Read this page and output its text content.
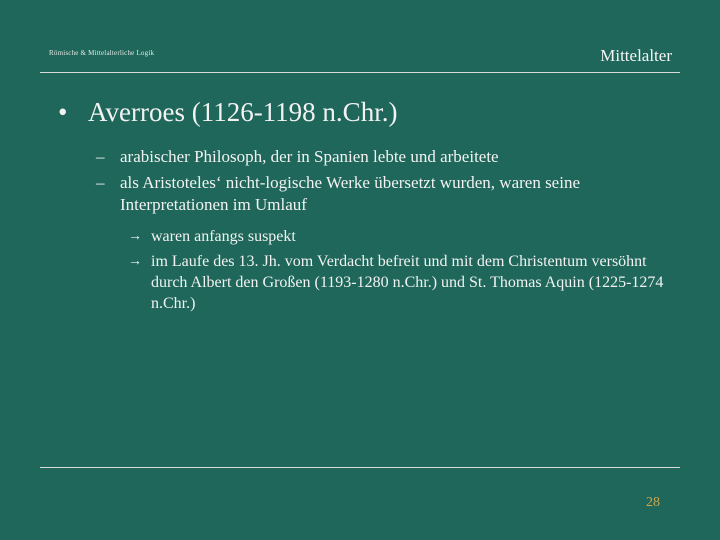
Römische & Mittelalterliche Logik	Mittelalter
• Averroes (1126-1198 n.Chr.)
– arabischer Philosoph, der in Spanien lebte und arbeitete
– als Aristoteles‘ nicht-logische Werke übersetzt wurden, waren seine Interpretationen im Umlauf
→ waren anfangs suspekt
→ im Laufe des 13. Jh. vom Verdacht befreit und mit dem Christentum versöhnt durch Albert den Großen (1193-1280 n.Chr.) und St. Thomas Aquin (1225-1274 n.Chr.)
28
